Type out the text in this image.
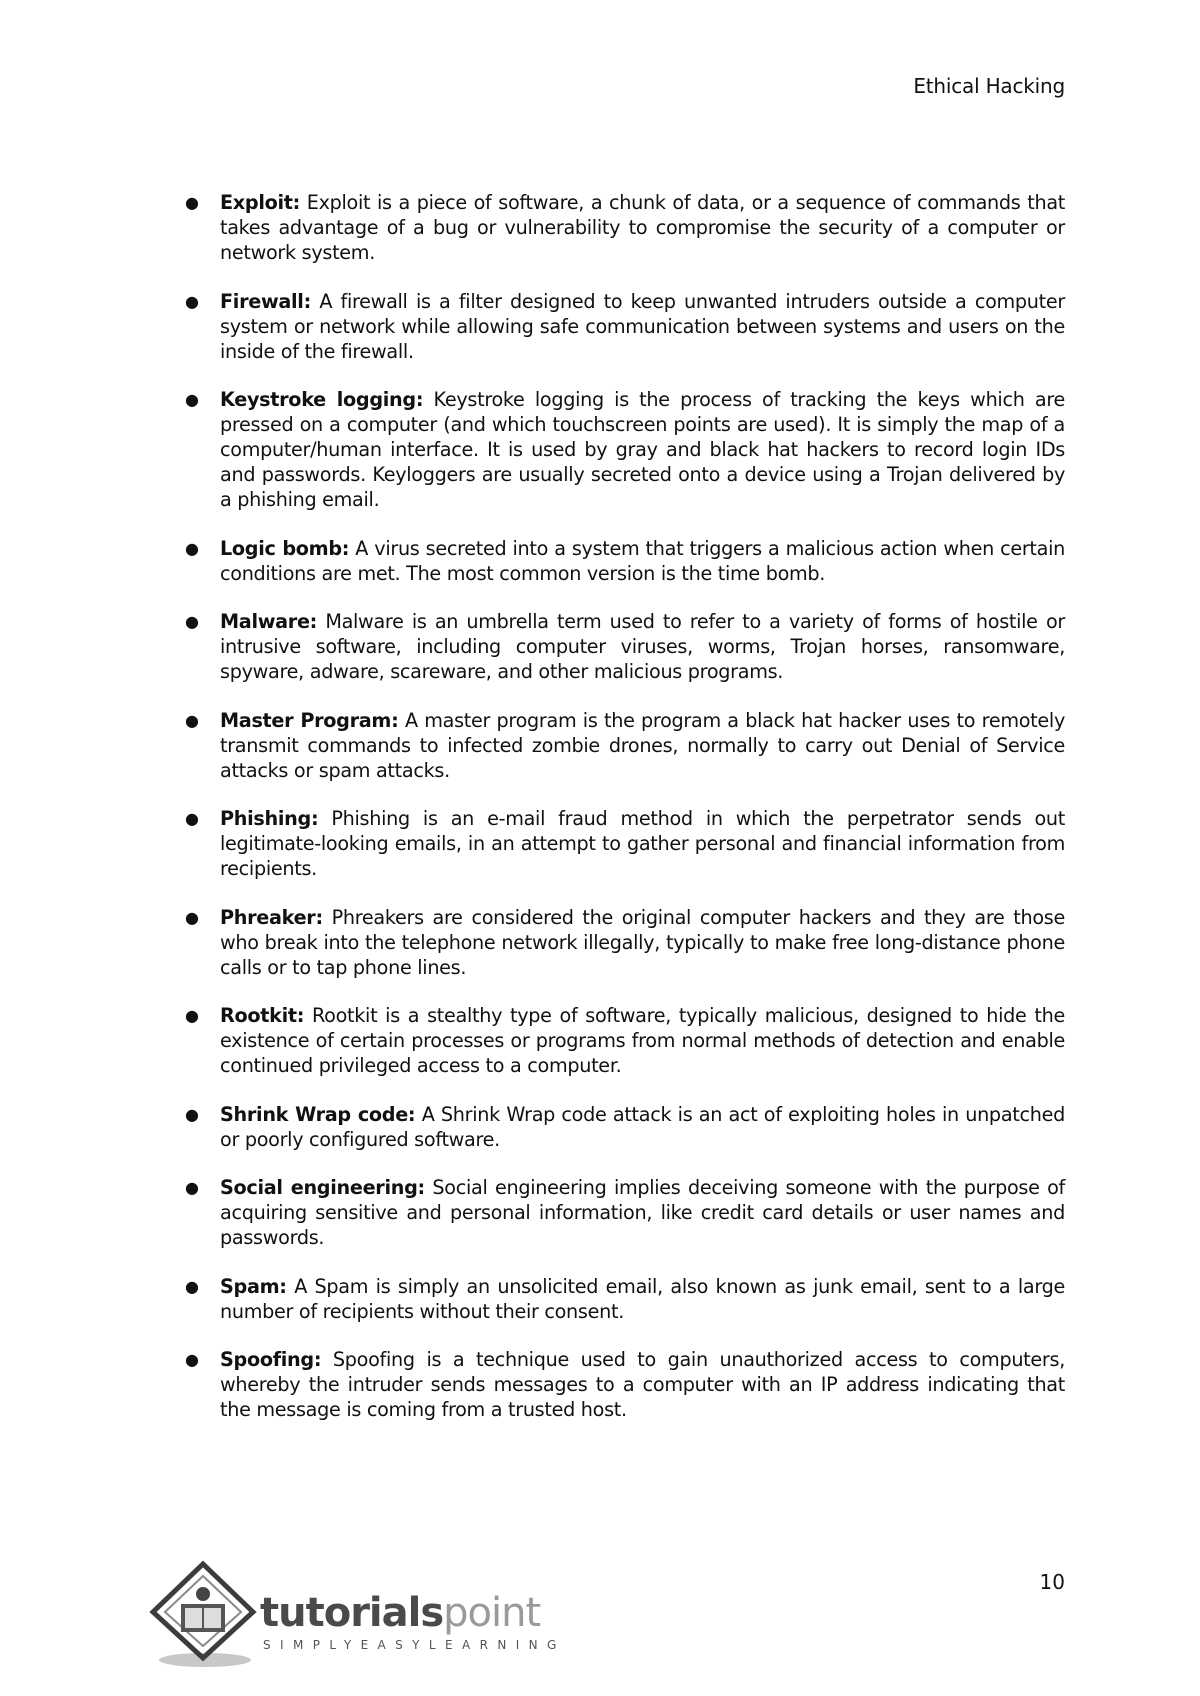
Ethical Hacking
● Exploit: Exploit is a piece of software, a chunk of data, or a sequence of commands that takes advantage of a bug or vulnerability to compromise the security of a computer or network system.
● Firewall: A firewall is a filter designed to keep unwanted intruders outside a computer system or network while allowing safe communication between systems and users on the inside of the firewall.
● Keystroke logging: Keystroke logging is the process of tracking the keys which are pressed on a computer (and which touchscreen points are used). It is simply the map of a computer/human interface. It is used by gray and black hat hackers to record login IDs and passwords. Keyloggers are usually secreted onto a device using a Trojan delivered by a phishing email.
● Logic bomb: A virus secreted into a system that triggers a malicious action when certain conditions are met. The most common version is the time bomb.
● Malware: Malware is an umbrella term used to refer to a variety of forms of hostile or intrusive software, including computer viruses, worms, Trojan horses, ransomware, spyware, adware, scareware, and other malicious programs.
● Master Program: A master program is the program a black hat hacker uses to remotely transmit commands to infected zombie drones, normally to carry out Denial of Service attacks or spam attacks.
● Phishing: Phishing is an e-mail fraud method in which the perpetrator sends out legitimate-looking emails, in an attempt to gather personal and financial information from recipients.
● Phreaker: Phreakers are considered the original computer hackers and they are those who break into the telephone network illegally, typically to make free long-distance phone calls or to tap phone lines.
● Rootkit: Rootkit is a stealthy type of software, typically malicious, designed to hide the existence of certain processes or programs from normal methods of detection and enable continued privileged access to a computer.
● Shrink Wrap code: A Shrink Wrap code attack is an act of exploiting holes in unpatched or poorly configured software.
● Social engineering: Social engineering implies deceiving someone with the purpose of acquiring sensitive and personal information, like credit card details or user names and passwords.
● Spam: A Spam is simply an unsolicited email, also known as junk email, sent to a large number of recipients without their consent.
● Spoofing: Spoofing is a technique used to gain unauthorized access to computers, whereby the intruder sends messages to a computer with an IP address indicating that the message is coming from a trusted host.
10
tutorialspoint
SIMPLYEASYLEARNING
